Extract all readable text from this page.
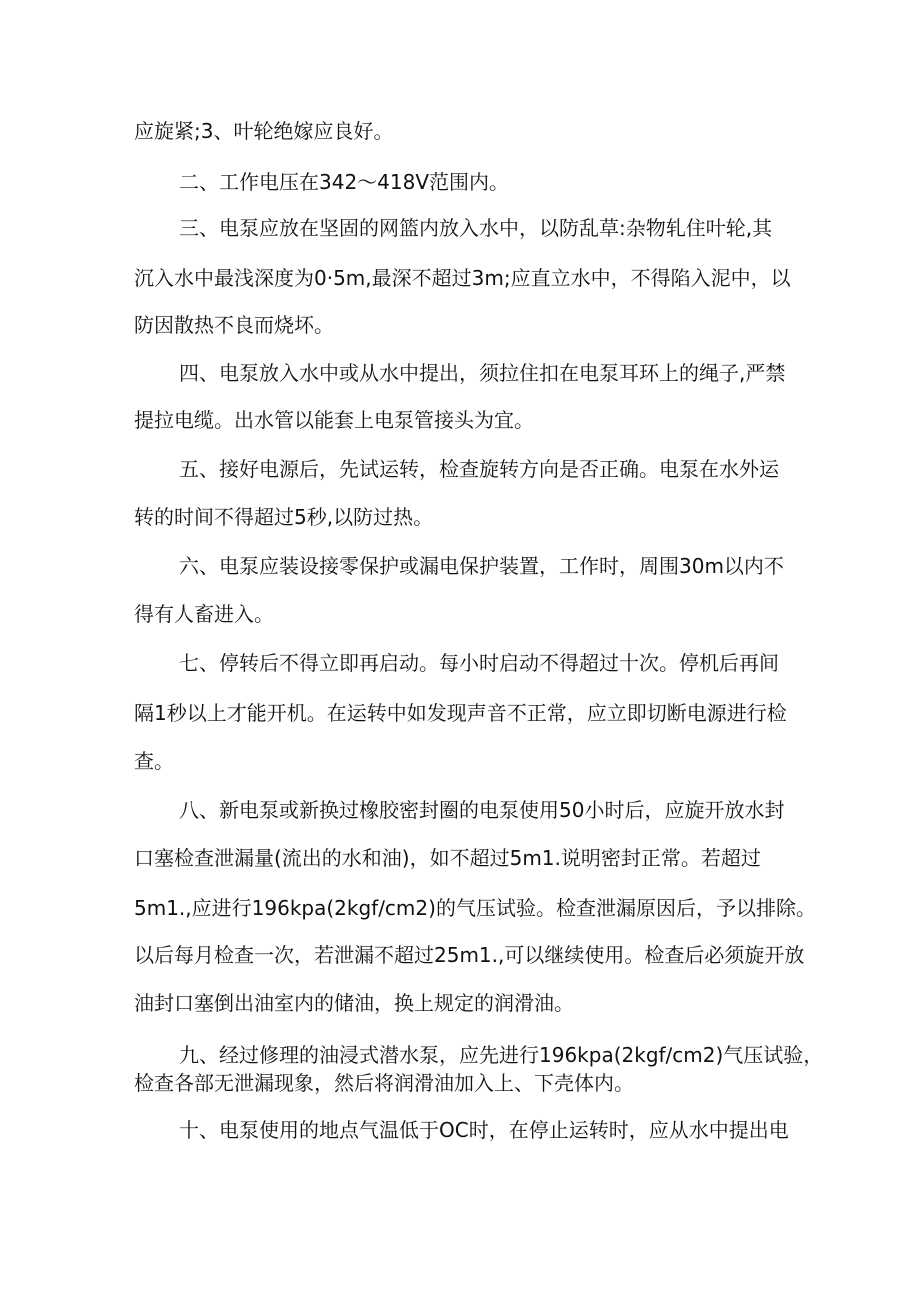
应旋紧;3、叶轮绝嫁应良好。
二、工作电压在342～418V范围内。
三、电泵应放在坚固的网篮内放入水中，以防乱草:杂物轧住叶轮,其
沉入水中最浅深度为0·5m,最深不超过3m;应直立水中，不得陷入泥中，以
防因散热不良而烧坏。
四、电泵放入水中或从水中提出，须拉住扣在电泵耳环上的绳子,严禁
提拉电缆。出水管以能套上电泵管接头为宜。
五、接好电源后，先试运转，检查旋转方向是否正确。电泵在水外运
转的时间不得超过5秒,以防过热。
六、电泵应装设接零保护或漏电保护装置，工作时，周围30m以内不
得有人畜进入。
七、停转后不得立即再启动。每小时启动不得超过十次。停机后再间
隔1秒以上才能开机。在运转中如发现声音不正常，应立即切断电源进行检
查。
八、新电泵或新换过橡胶密封圈的电泵使用50小时后，应旋开放水封
口塞检查泄漏量(流出的水和油)，如不超过5m1.说明密封正常。若超过
5m1.,应进行196kpa(2kgf∕cm2)的气压试验。检查泄漏原因后，予以排除。
以后每月检查一次，若泄漏不超过25m1.,可以继续使用。检查后必须旋开放
油封口塞倒出油室内的储油，换上规定的润滑油。
九、经过修理的油浸式潜水泵，应先进行196kpa(2kgf∕cm2)气压试验，
检查各部无泄漏现象，然后将润滑油加入上、下壳体内。
十、电泵使用的地点气温低于OC时，在停止运转时，应从水中提出电
